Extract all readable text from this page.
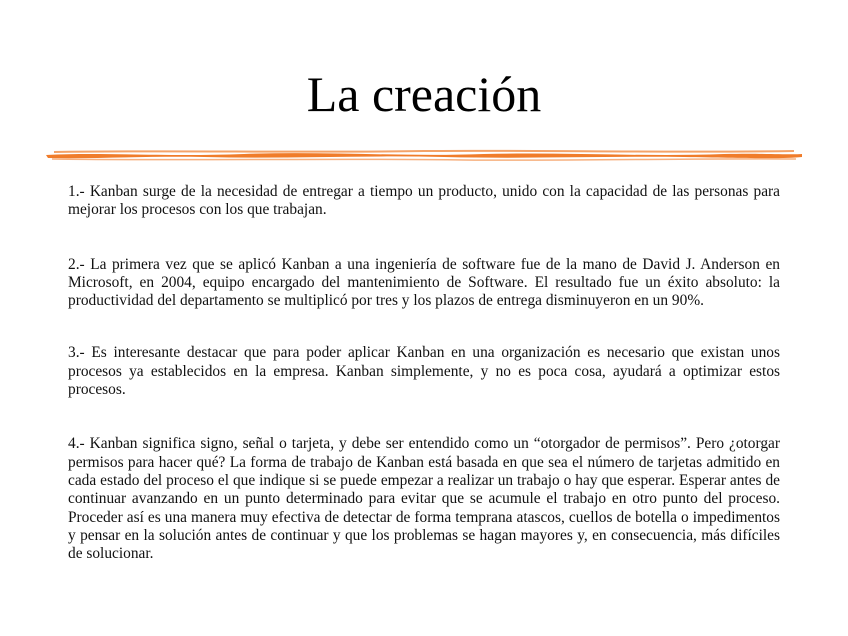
La creación

1.- Kanban surge de la necesidad de entregar a tiempo un producto, unido con la capacidad de las personas para mejorar los procesos con los que trabajan.

2.- La primera vez que se aplicó Kanban a una ingeniería de software fue de la mano de David J. Anderson en Microsoft, en 2004, equipo encargado del mantenimiento de Software. El resultado fue un éxito absoluto: la productividad del departamento se multiplicó por tres y los plazos de entrega disminuyeron en un 90%.

3.- Es interesante destacar que para poder aplicar Kanban en una organización es necesario que existan unos procesos ya establecidos en la empresa. Kanban simplemente, y no es poca cosa, ayudará a optimizar estos procesos.

4.- Kanban significa signo, señal o tarjeta, y debe ser entendido como un “otorgador de permisos”. Pero ¿otorgar permisos para hacer qué? La forma de trabajo de Kanban está basada en que sea el número de tarjetas admitido en cada estado del proceso el que indique si se puede empezar a realizar un trabajo o hay que esperar. Esperar antes de continuar avanzando en un punto determinado para evitar que se acumule el trabajo en otro punto del proceso. Proceder así es una manera muy efectiva de detectar de forma temprana atascos, cuellos de botella o impedimentos y pensar en la solución antes de continuar y que los problemas se hagan mayores y, en consecuencia, más difíciles de solucionar.
